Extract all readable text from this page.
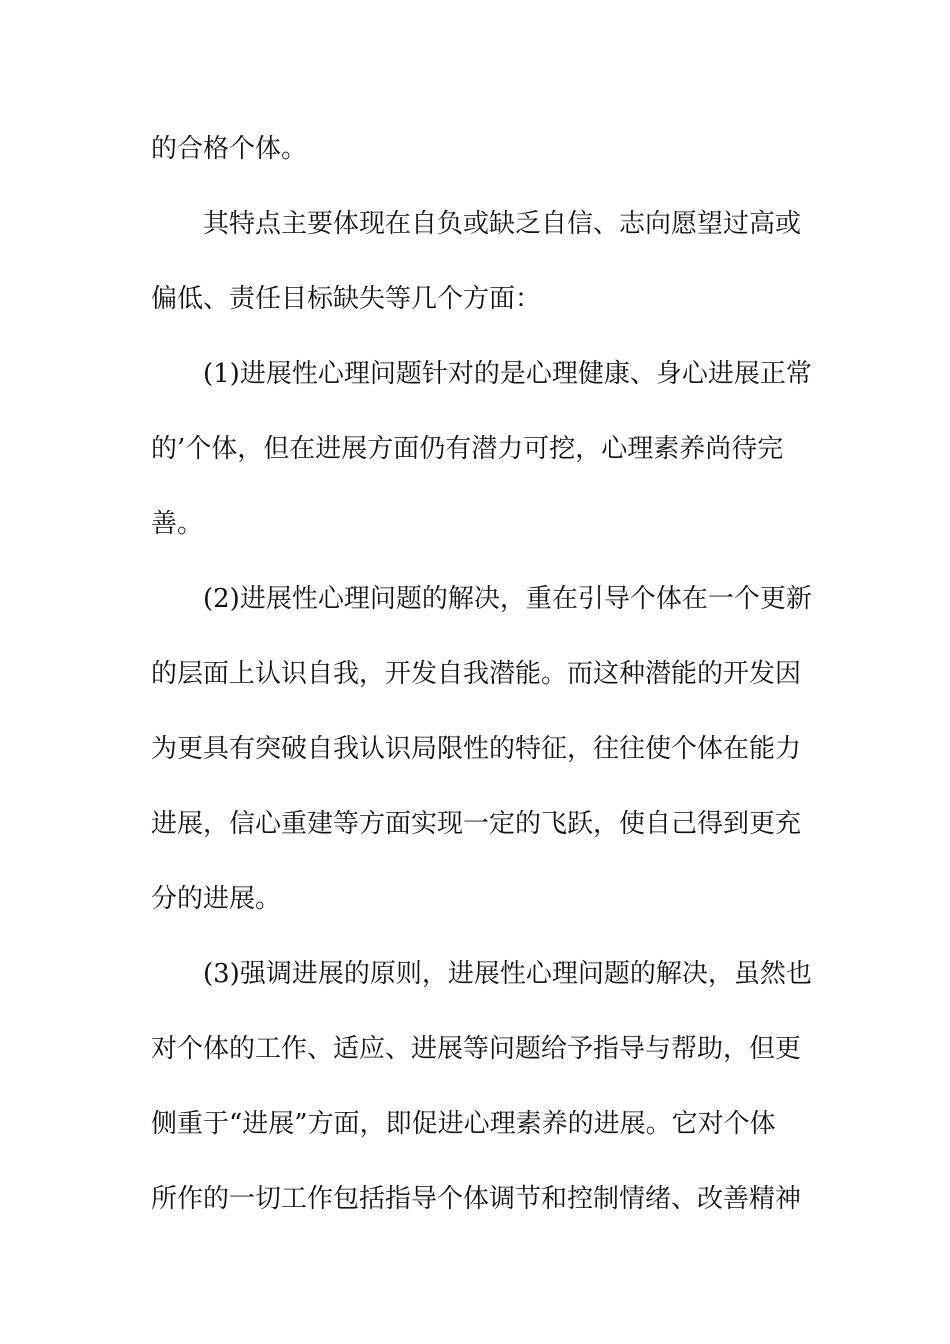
的合格个体。
其特点主要体现在自负或缺乏自信、志向愿望过高或
偏低、责任目标缺失等几个方面：
(1)进展性心理问题针对的是心理健康、身心进展正常
的’个体，但在进展方面仍有潜力可挖，心理素养尚待完
善。
(2)进展性心理问题的解决，重在引导个体在一个更新
的层面上认识自我，开发自我潜能。而这种潜能的开发因
为更具有突破自我认识局限性的特征，往往使个体在能力
进展，信心重建等方面实现一定的飞跃，使自己得到更充
分的进展。
(3)强调进展的原则，进展性心理问题的解决，虽然也
对个体的工作、适应、进展等问题给予指导与帮助，但更
侧重于“进展”方面，即促进心理素养的进展。它对个体
所作的一切工作包括指导个体调节和控制情绪、改善精神
